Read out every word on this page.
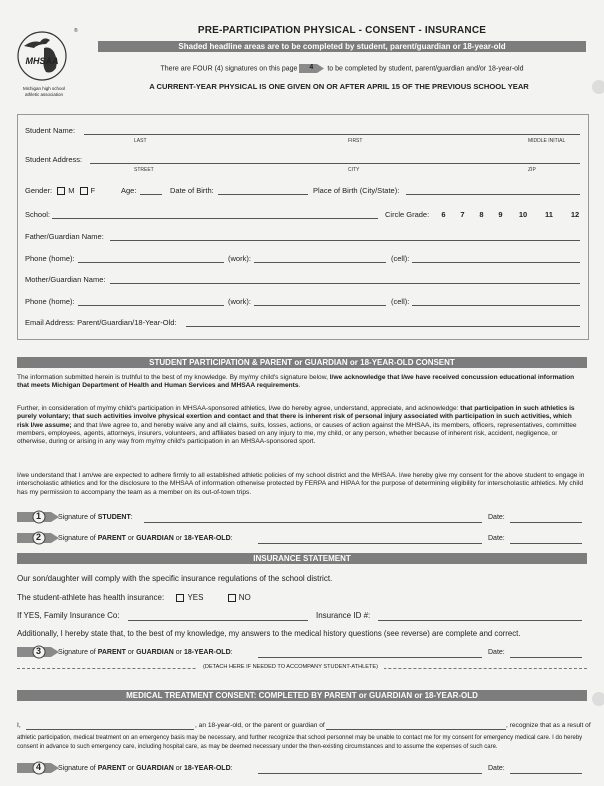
®
MHSAA
Michigan high school
athletic association
PRE-PARTICIPATION PHYSICAL - CONSENT - INSURANCE
Shaded headline areas are to be completed by student, parent/guardian or 18-year-old
There are FOUR (4) signatures on this page 4 to be completed by student, parent/guardian and/or 18-year-old
A CURRENT-YEAR PHYSICAL IS ONE GIVEN ON OR AFTER APRIL 15 OF THE PREVIOUS SCHOOL YEAR
Student Name:
LAST	FIRST	MIDDLE INITIAL
Student Address:
STREET	CITY	ZIP
Gender: M F	Age:	Date of Birth:	Place of Birth (City/State):
School:	Circle Grade:	6 7 8 9 10 11 12
Father/Guardian Name:
Phone (home):	(work):	(cell):
Mother/Guardian Name:
Phone (home):	(work):	(cell):
Email Address: Parent/Guardian/18-Year-Old:
STUDENT PARTICIPATION & PARENT or GUARDIAN or 18-YEAR-OLD CONSENT
The information submitted herein is truthful to the best of my knowledge. By my/my child's signature below, I/we acknowledge that I/we have received concussion educational information that meets Michigan Department of Health and Human Services and MHSAA requirements.
Further, in consideration of my/my child's participation in MHSAA-sponsored athletics, I/we do hereby agree, understand, appreciate, and acknowledge: that participation in such athletics is purely voluntary; that such activities involve physical exertion and contact and that there is inherent risk of personal injury associated with participation in such activities, which risk I/we assume; and that I/we agree to, and hereby waive any and all claims, suits, losses, actions, or causes of action against the MHSAA, its members, officers, representatives, committee members, employees, agents, attorneys, insurers, volunteers, and affiliates based on any injury to me, my child, or any person, whether because of inherent risk, accident, negligence, or otherwise, during or arising in any way from my/my child's participation in an MHSAA-sponsored sport.
I/we understand that I am/we are expected to adhere firmly to all established athletic policies of my school district and the MHSAA. I/we hereby give my consent for the above student to engage in interscholastic athletics and for the disclosure to the MHSAA of information otherwise protected by FERPA and HIPAA for the purpose of determining eligibility for interscholastic athletics. My child has my permission to accompany the team as a member on its out-of-town trips.
1 Signature of STUDENT:	Date:
2 Signature of PARENT or GUARDIAN or 18-YEAR-OLD:	Date:
INSURANCE STATEMENT
Our son/daughter will comply with the specific insurance regulations of the school district.
The student-athlete has health insurance:	YES	NO
If YES, Family Insurance Co:	Insurance ID #:
Additionally, I hereby state that, to the best of my knowledge, my answers to the medical history questions (see reverse) are complete and correct.
3 Signature of PARENT or GUARDIAN or 18-YEAR-OLD:	Date:
(DETACH HERE IF NEEDED TO ACCOMPANY STUDENT-ATHLETE)
MEDICAL TREATMENT CONSENT: COMPLETED BY PARENT or GUARDIAN or 18-YEAR-OLD
I,	, an 18-year-old, or the parent or guardian of	, recognize that as a result of
athletic participation, medical treatment on an emergency basis may be necessary, and further recognize that school personnel may be unable to contact me for my consent for emergency medical care. I do hereby consent in advance to such emergency care, including hospital care, as may be deemed necessary under the then-existing circumstances and to assume the expenses of such care.
4 Signature of PARENT or GUARDIAN or 18-YEAR-OLD:	Date:
